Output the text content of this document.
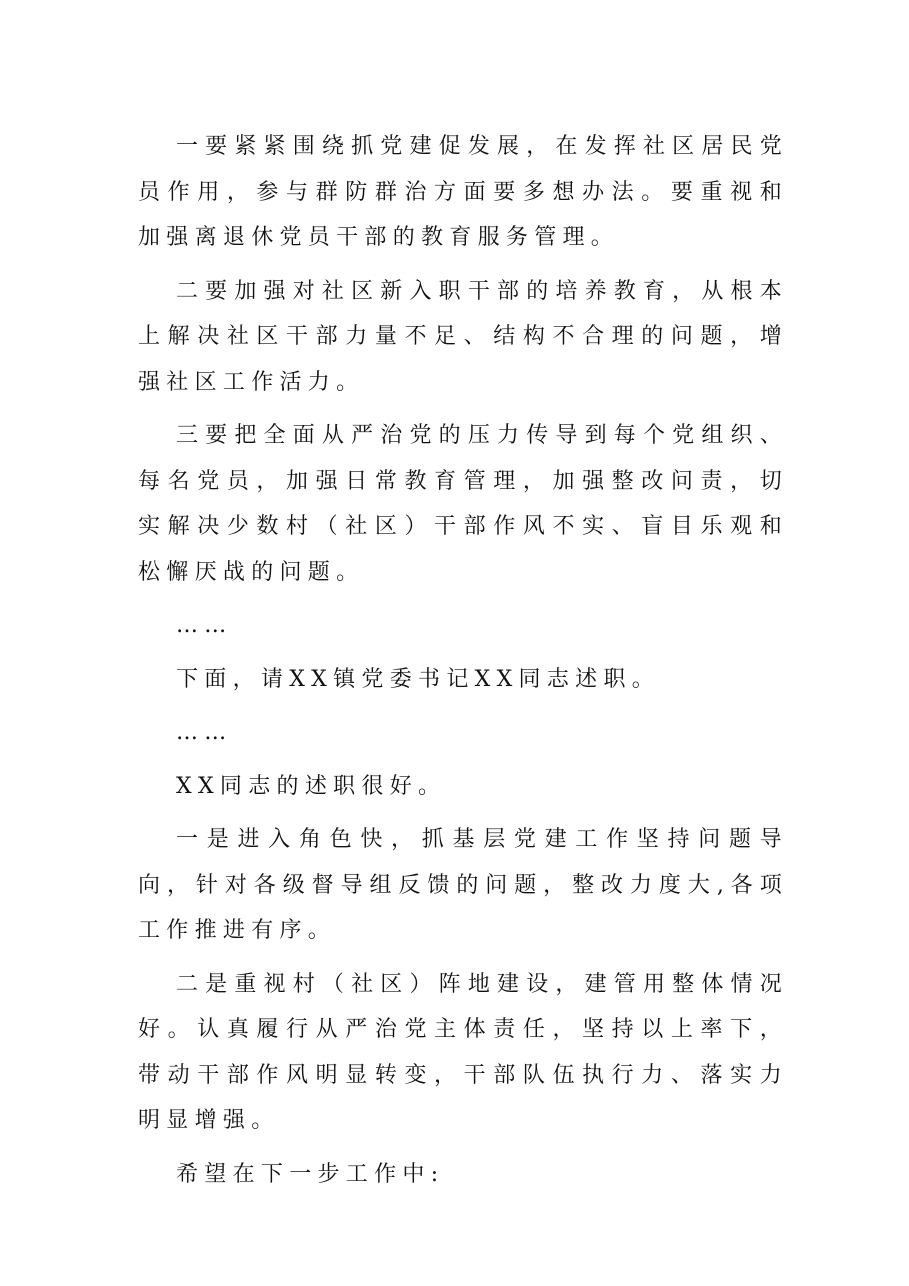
一要紧紧围绕抓党建促发展，在发挥社区居民党员作用，参与群防群治方面要多想办法。要重视和加强离退休党员干部的教育服务管理。

二要加强对社区新入职干部的培养教育，从根本上解决社区干部力量不足、结构不合理的问题，增强社区工作活力。

三要把全面从严治党的压力传导到每个党组织、每名党员，加强日常教育管理，加强整改问责，切实解决少数村（社区）干部作风不实、盲目乐观和松懈厌战的问题。

……

下面，请XX镇党委书记XX同志述职。

……

XX同志的述职很好。

一是进入角色快，抓基层党建工作坚持问题导向，针对各级督导组反馈的问题，整改力度大,各项工作推进有序。

二是重视村（社区）阵地建设，建管用整体情况好。认真履行从严治党主体责任，坚持以上率下，带动干部作风明显转变，干部队伍执行力、落实力明显增强。

希望在下一步工作中:
